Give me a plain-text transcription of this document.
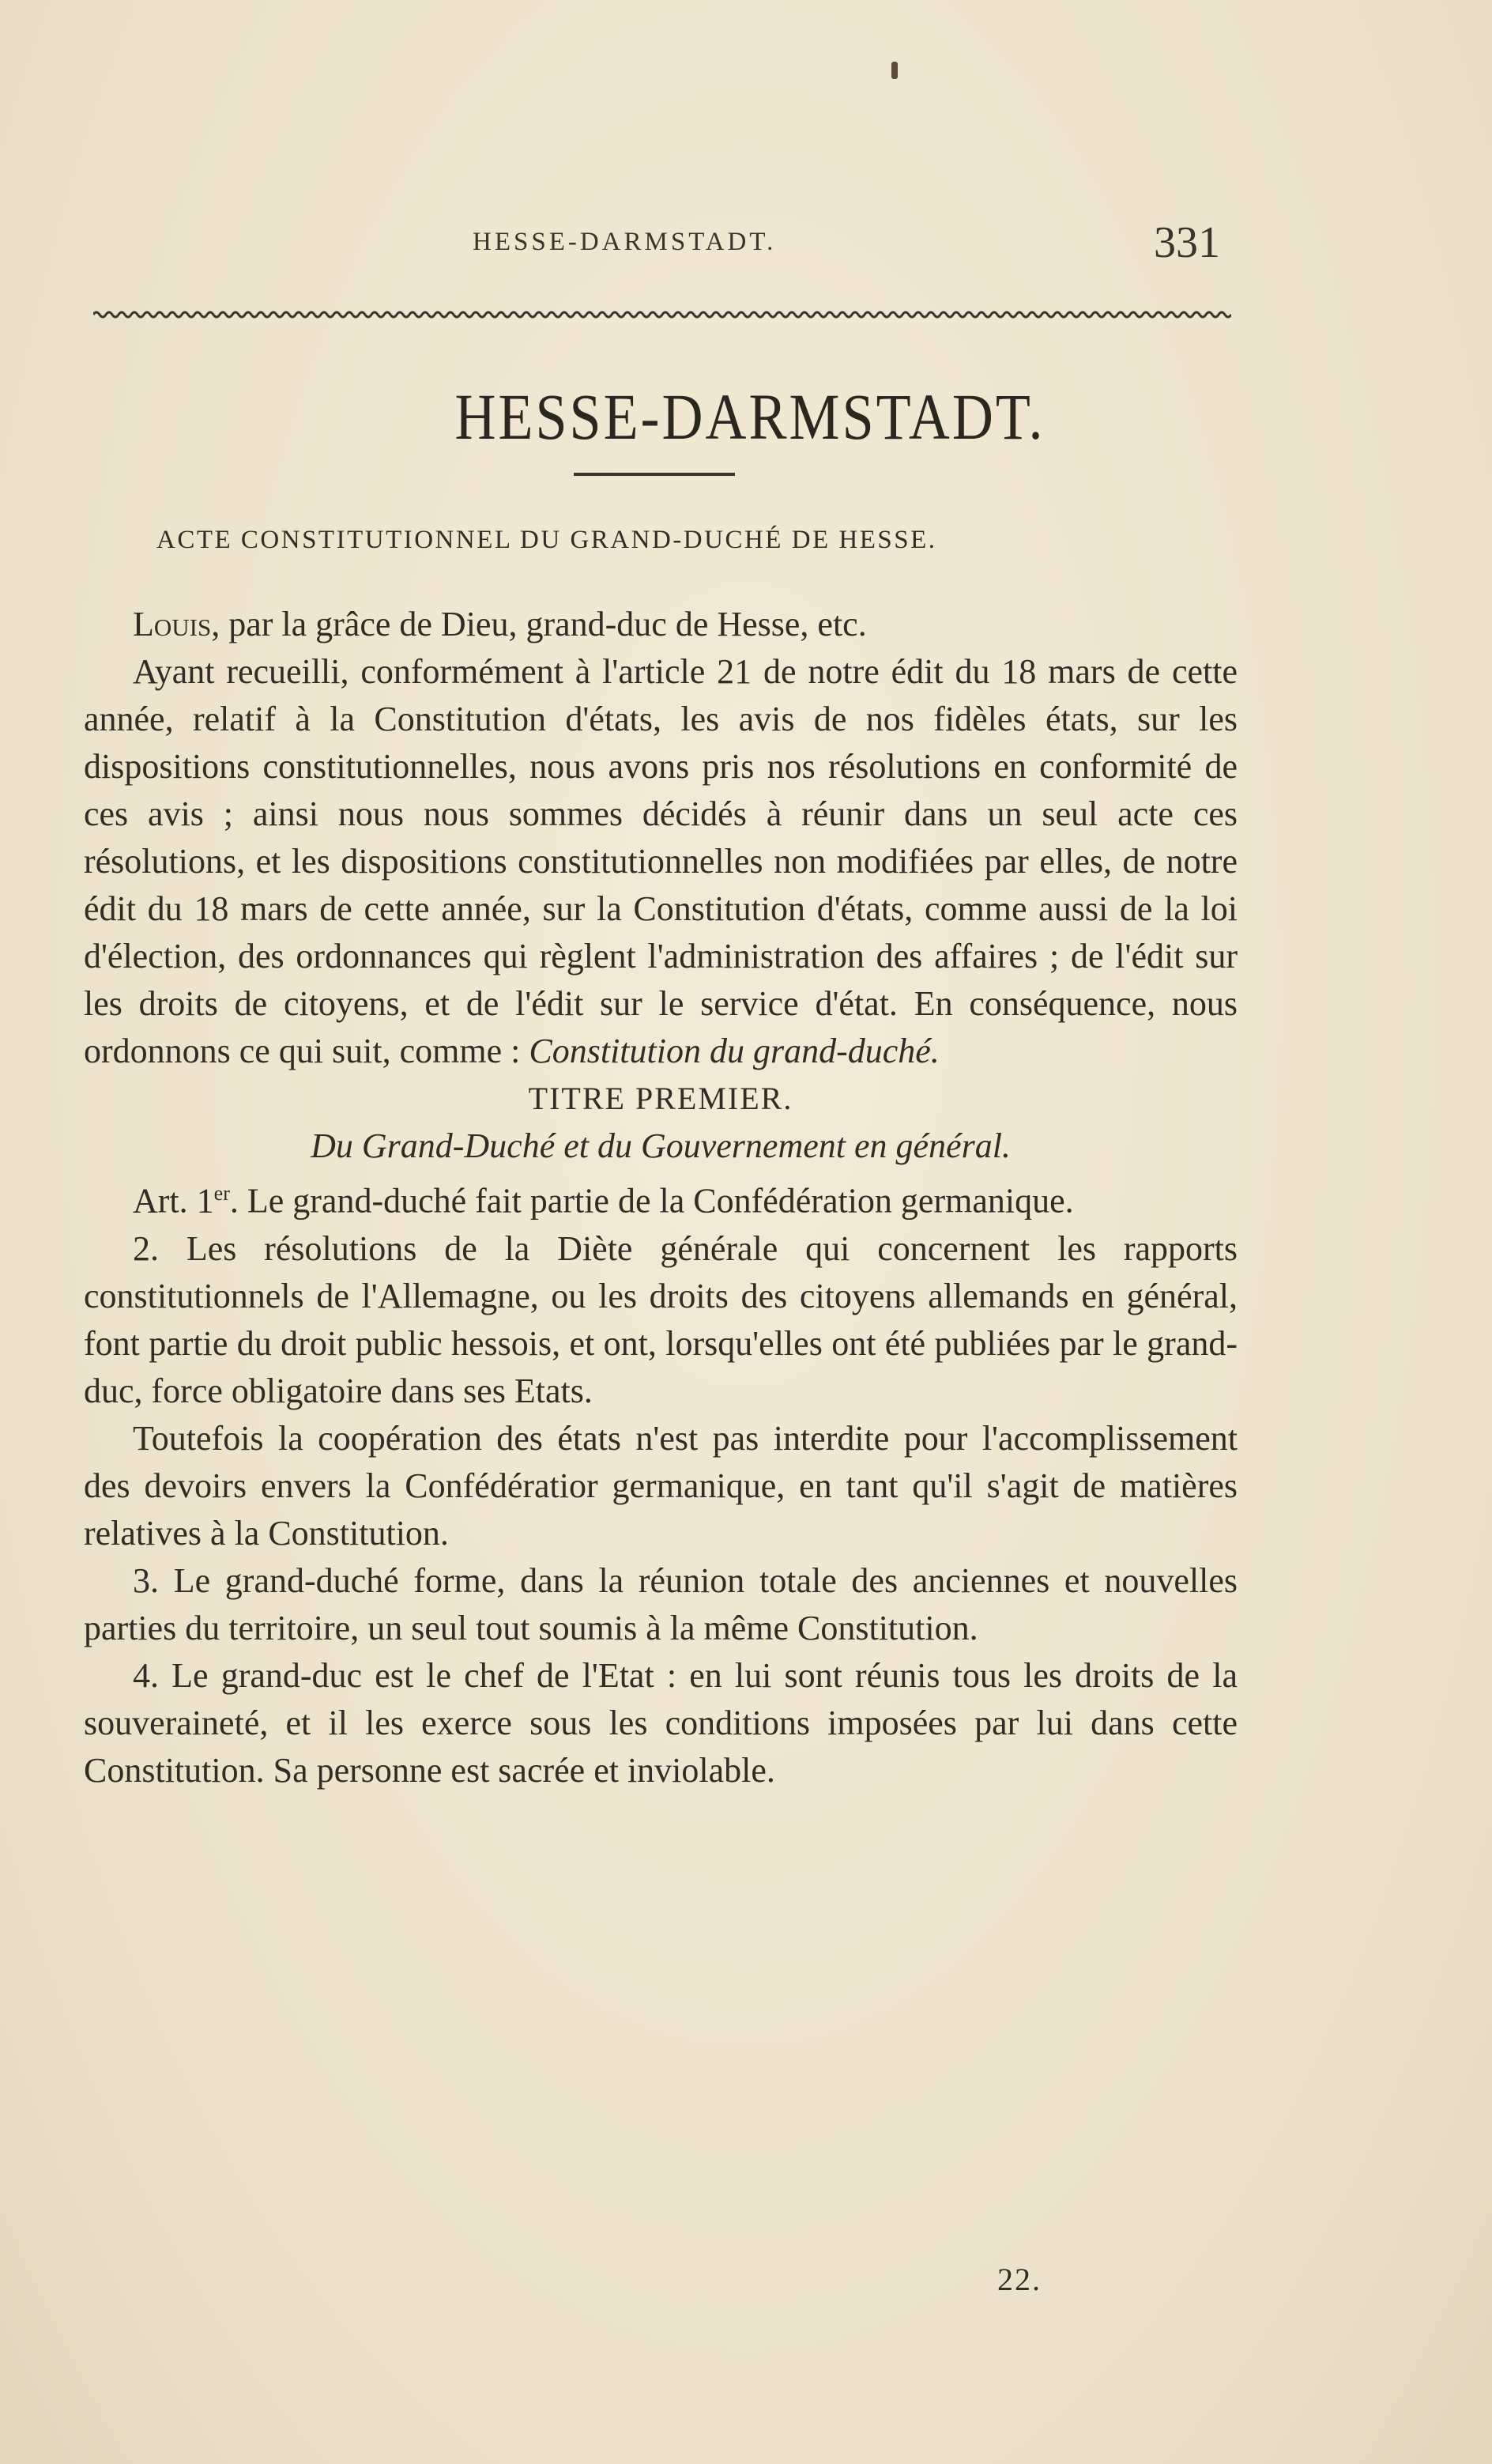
HESSE-DARMSTADT.	331
HESSE-DARMSTADT.
ACTE CONSTITUTIONNEL DU GRAND-DUCHÉ DE HESSE.

Louis, par la grâce de Dieu, grand-duc de Hesse, etc.

Ayant recueilli, conformément à l'article 21 de notre édit du 18 mars de cette année, relatif à la Constitution d'états, les avis de nos fidèles états, sur les dispositions constitutionnelles, nous avons pris nos résolutions en conformité de ces avis ; ainsi nous nous sommes décidés à réunir dans un seul acte ces résolutions, et les dispositions constitutionnelles non modifiées par elles, de notre édit du 18 mars de cette année, sur la Constitution d'états, comme aussi de la loi d'élection, des ordonnances qui règlent l'administration des affaires ; de l'édit sur les droits de citoyens, et de l'édit sur le service d'état. En conséquence, nous ordonnons ce qui suit, comme : Constitution du grand-duché.

TITRE PREMIER.

Du Grand-Duché et du Gouvernement en général.

Art. 1er. Le grand-duché fait partie de la Confédération germanique.

2. Les résolutions de la Diète générale qui concernent les rapports constitutionnels de l'Allemagne, ou les droits des citoyens allemands en général, font partie du droit public hessois, et ont, lorsqu'elles ont été publiées par le grand-duc, force obligatoire dans ses Etats.

Toutefois la coopération des états n'est pas interdite pour l'accomplissement des devoirs envers la Confédératior germanique, en tant qu'il s'agit de matières relatives à la Constitution.

3. Le grand-duché forme, dans la réunion totale des anciennes et nouvelles parties du territoire, un seul tout soumis à la même Constitution.

4. Le grand-duc est le chef de l'Etat : en lui sont réunis tous les droits de la souveraineté, et il les exerce sous les conditions imposées par lui dans cette Constitution. Sa personne est sacrée et inviolable.

22.
